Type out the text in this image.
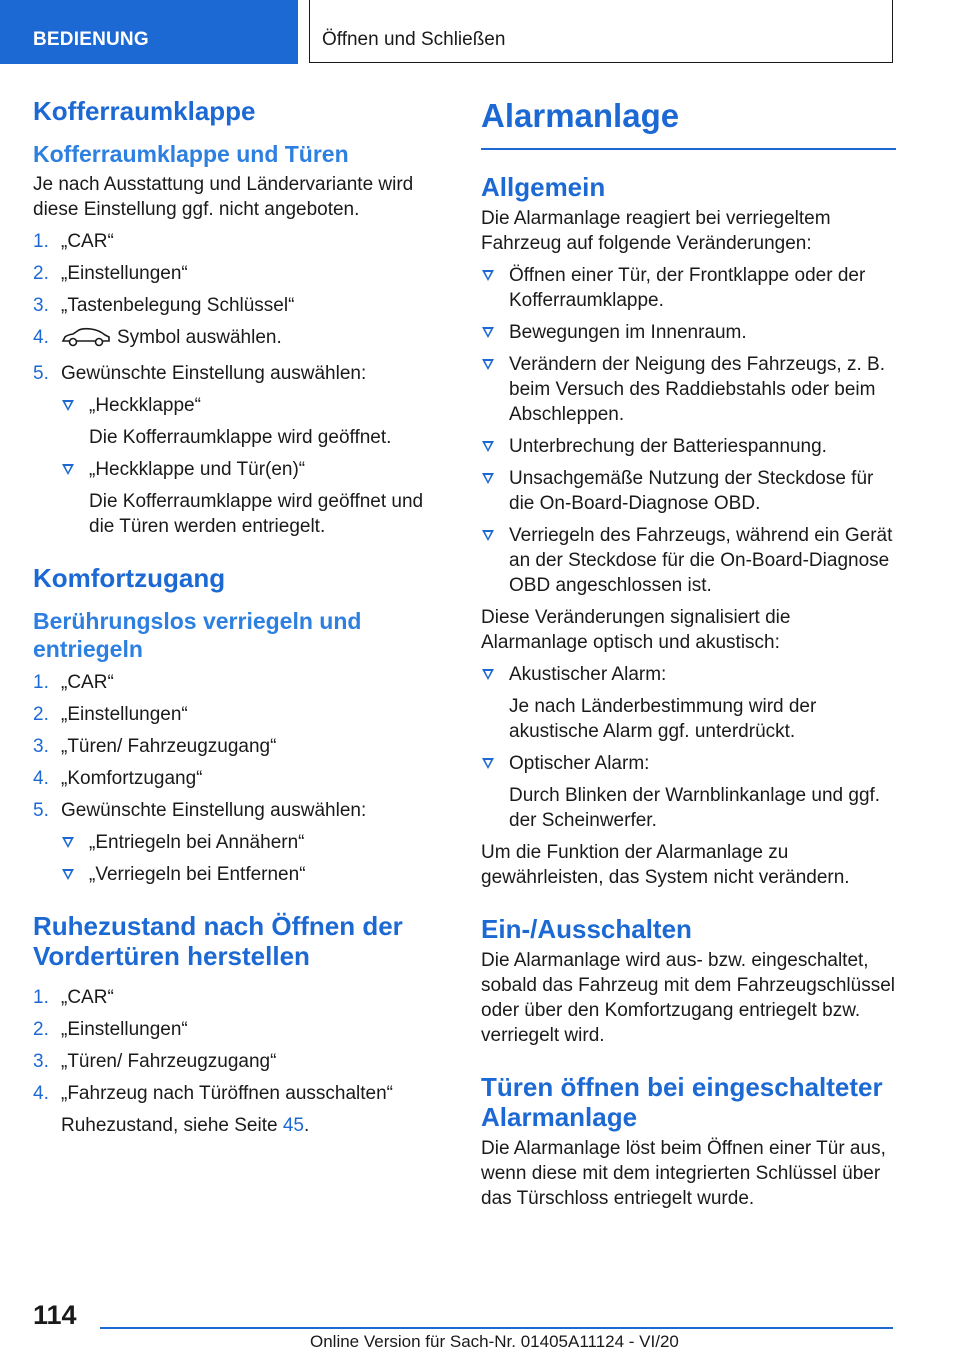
BEDIENUNG	Öffnen und Schließen
Kofferraumklappe
Kofferraumklappe und Türen

Je nach Ausstattung und Ländervariante wird diese Einstellung ggf. nicht angeboten.

1. „CAR“
2. „Einstellungen“
3. „Tastenbelegung Schlüssel“
4.	Symbol auswählen.
5. Gewünschte Einstellung auswählen:
„Heckklappe“
Die Kofferraumklappe wird geöffnet.
„Heckklappe und Tür(en)“
Die Kofferraumklappe wird geöffnet und die Türen werden entriegelt.
Komfortzugang
Berührungslos verriegeln und entriegeln
1. „CAR“
2. „Einstellungen“
3. „Türen/ Fahrzeugzugang“
4. „Komfortzugang“
5. Gewünschte Einstellung auswählen:
„Entriegeln bei Annähern“
„Verriegeln bei Entfernen“
Ruhezustand nach Öffnen der Vordertüren herstellen
1. „CAR“
2. „Einstellungen“
3. „Türen/ Fahrzeugzugang“
4. „Fahrzeug nach Türöffnen ausschalten“

Ruhezustand, siehe Seite 45.

Alarmanlage
Allgemein

Die Alarmanlage reagiert bei verriegeltem Fahrzeug auf folgende Veränderungen:

Öffnen einer Tür, der Frontklappe oder der Kofferraumklappe.
Bewegungen im Innenraum.
Verändern der Neigung des Fahrzeugs, z. B. beim Versuch des Raddiebstahls oder beim Abschleppen.
Unterbrechung der Batteriespannung.
Unsachgemäße Nutzung der Steckdose für die On-Board-Diagnose OBD.
Verriegeln des Fahrzeugs, während ein Gerät an der Steckdose für die On-Board-Diagnose OBD angeschlossen ist.

Diese Veränderungen signalisiert die Alarmanlage optisch und akustisch:

Akustischer Alarm:
Je nach Länderbestimmung wird der akustische Alarm ggf. unterdrückt.
Optischer Alarm:
Durch Blinken der Warnblinkanlage und ggf. der Scheinwerfer.

Um die Funktion der Alarmanlage zu gewährleisten, das System nicht verändern.

Ein-/Ausschalten

Die Alarmanlage wird aus- bzw. eingeschaltet, sobald das Fahrzeug mit dem Fahrzeugschlüssel oder über den Komfortzugang entriegelt bzw. verriegelt wird.

Türen öffnen bei eingeschalteter Alarmanlage

Die Alarmanlage löst beim Öffnen einer Tür aus, wenn diese mit dem integrierten Schlüssel über das Türschloss entriegelt wurde.

114
Online Version für Sach-Nr. 01405A11124 - VI/20
